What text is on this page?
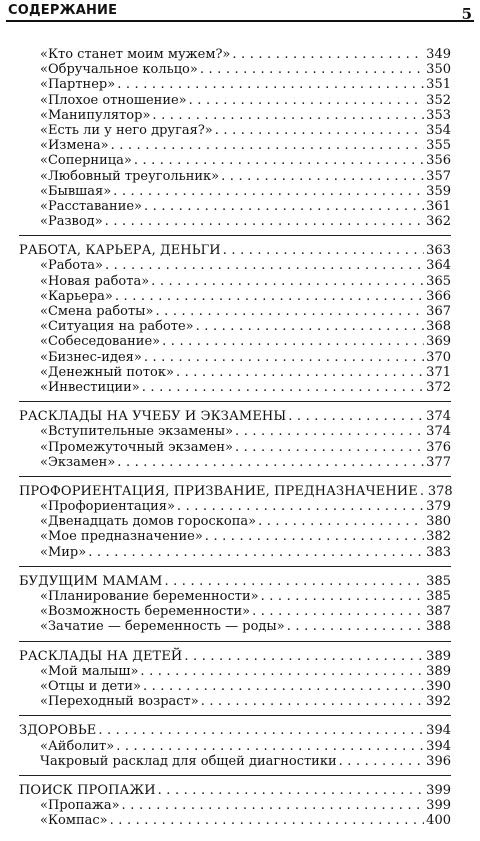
СОДЕРЖАНИЕ	5
«Кто станет моим мужем?» . . .	349
«Обручальное кольцо» . . .	350
«Партнер» . . .	351
«Плохое отношение» . . .	352
«Манипулятор» . . .	353
«Есть ли у него другая?» . . .	354
«Измена» . . .	355
«Соперница» . . .	356
«Любовный треугольник» . . .	357
«Бывшая» . . .	359
«Расставание» . . .	361
«Развод» . . .	362
РАБОТА, КАРЬЕРА, ДЕНЬГИ . . .	363
«Работа» . . .	364
«Новая работа» . . .	365
«Карьера» . . .	366
«Смена работы» . . .	367
«Ситуация на работе» . . .	368
«Собеседование» . . .	369
«Бизнес-идея» . . .	370
«Денежный поток» . . .	371
«Инвестиции» . . .	372
РАСКЛАДЫ НА УЧЕБУ И ЭКЗАМЕНЫ . . .	374
«Вступительные экзамены» . . .	374
«Промежуточный экзамен» . . .	376
«Экзамен» . . .	377
ПРОФОРИЕНТАЦИЯ, ПРИЗВАНИЕ, ПРЕДНАЗНАЧЕНИЕ . . . 378
«Профориентация» . . .	379
«Двенадцать домов гороскопа» . . .	380
«Мое предназначение» . . .	382
«Мир» . . .	383
БУДУЩИМ МАМАМ . . .	385
«Планирование беременности» . . .	385
«Возможность беременности» . . .	387
«Зачатие — беременность — роды» . . .	388
РАСКЛАДЫ НА ДЕТЕЙ . . .	389
«Мой малыш» . . .	389
«Отцы и дети» . . .	390
«Переходный возраст» . . .	392
ЗДОРОВЬЕ . . .	394
«Айболит» . . .	394
Чакровый расклад для общей диагностики . . .	396
ПОИСК ПРОПАЖИ . . .	399
«Пропажа» . . .	399
«Компас» . . .	400
